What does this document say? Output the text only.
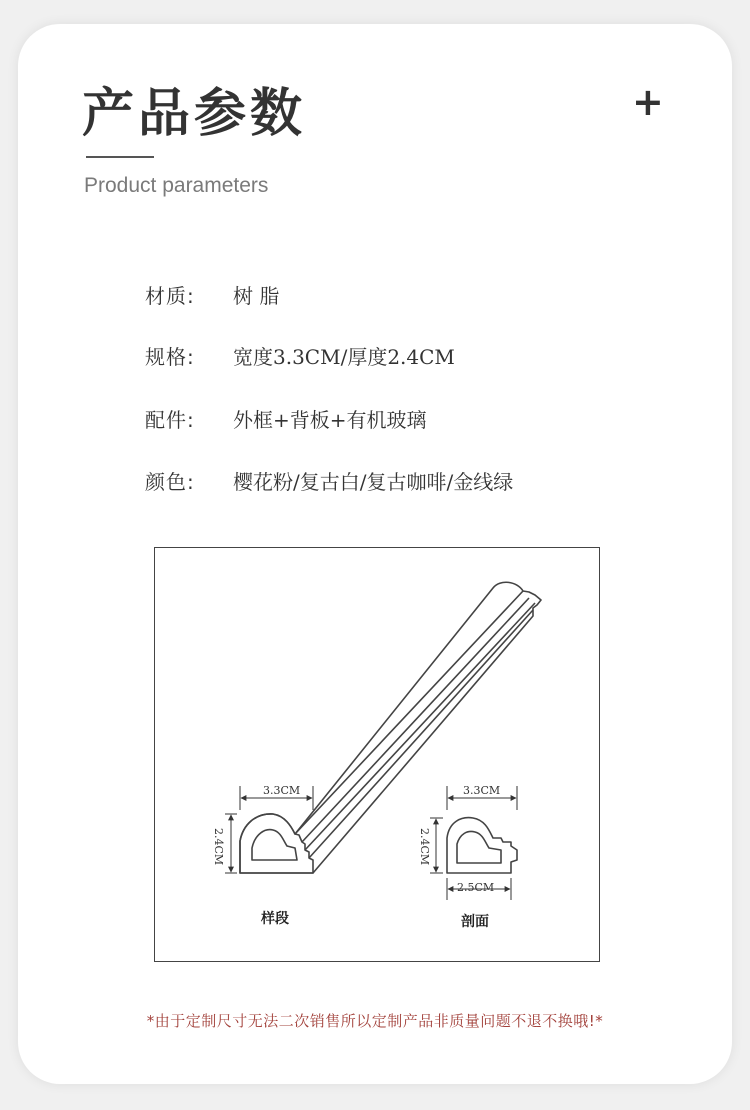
产品参数	+
Product parameters
材质:	树 脂
规格:	宽度3.3CM/厚度2.4CM
配件:	外框+背板+有机玻璃
颜色:	樱花粉/复古白/复古咖啡/金线绿
3.3CM
2.4CM
3.3CM
2.4CM
2.5CM
样段	剖面
*由于定制尺寸无法二次销售所以定制产品非质量问题不退不换哦!*
